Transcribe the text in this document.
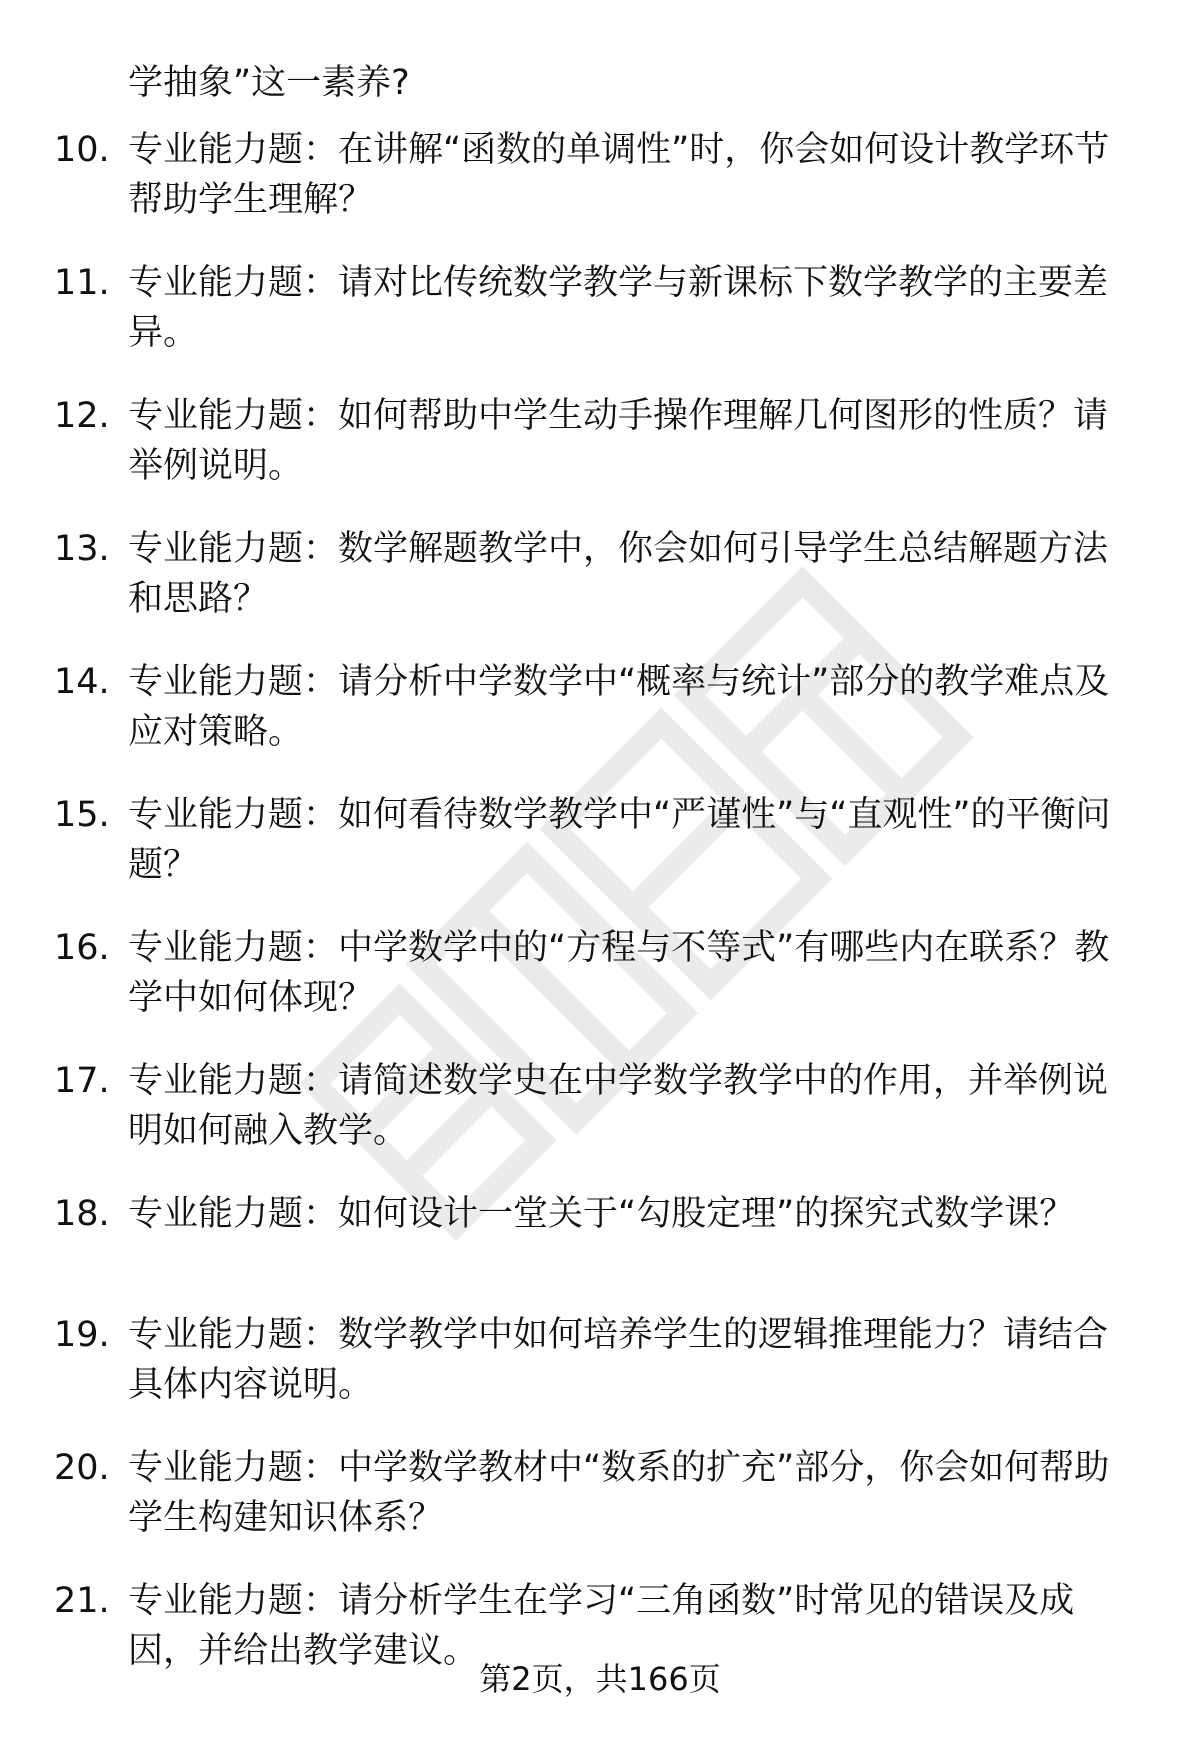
学抽象”这一素养?

10. 专业能力题：在讲解“函数的单调性”时，你会如何设计教学环节帮助学生理解？

11. 专业能力题：请对比传统数学教学与新课标下数学教学的主要差异。

12. 专业能力题：如何帮助中学生动手操作理解几何图形的性质？请举例说明。

13. 专业能力题：数学解题教学中，你会如何引导学生总结解题方法和思路？

14. 专业能力题：请分析中学数学中“概率与统计”部分的教学难点及应对策略。

15. 专业能力题：如何看待数学教学中“严谨性”与“直观性”的平衡问题？

16. 专业能力题：中学数学中的“方程与不等式”有哪些内在联系？教学中如何体现？

17. 专业能力题：请简述数学史在中学数学教学中的作用，并举例说明如何融入教学。

18. 专业能力题：如何设计一堂关于“勾股定理”的探究式数学课？

19. 专业能力题：数学教学中如何培养学生的逻辑推理能力？请结合具体内容说明。

20. 专业能力题：中学数学教材中“数系的扩充”部分，你会如何帮助学生构建知识体系？

21. 专业能力题：请分析学生在学习“三角函数”时常见的错误及成因，并给出教学建议。

第2页，共166页
